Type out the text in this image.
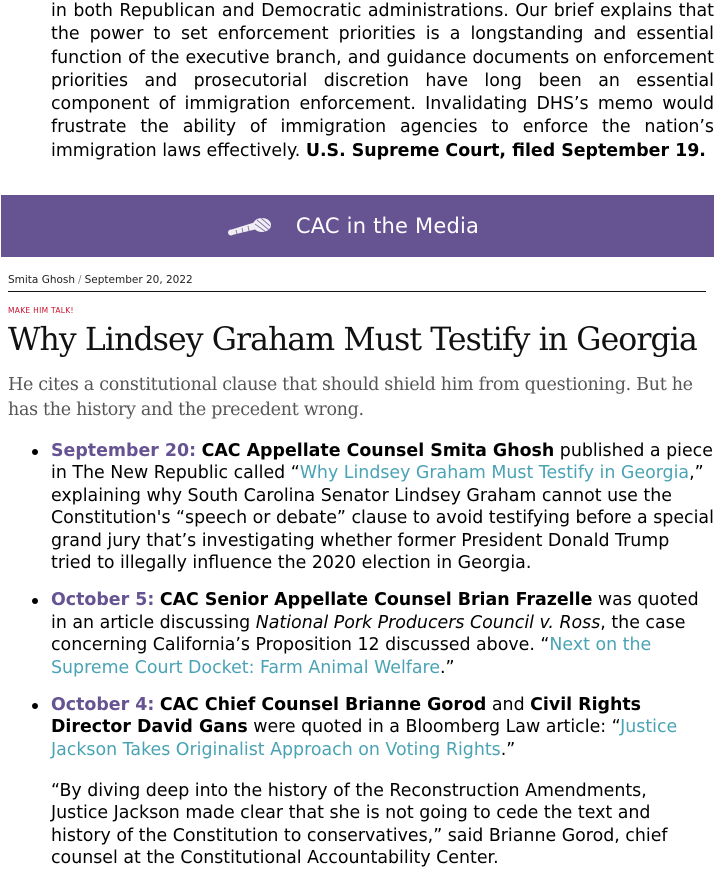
in both Republican and Democratic administrations. Our brief explains that the power to set enforcement priorities is a longstanding and essential function of the executive branch, and guidance documents on enforcement priorities and prosecutorial discretion have long been an essential component of immigration enforcement. Invalidating DHS’s memo would frustrate the ability of immigration agencies to enforce the nation’s immigration laws effectively. U.S. Supreme Court, filed September 19.
CAC in the Media
Smita Ghosh / September 20, 2022
MAKE HIM TALK!
Why Lindsey Graham Must Testify in Georgia
He cites a constitutional clause that should shield him from questioning. But he has the history and the precedent wrong.
September 20: CAC Appellate Counsel Smita Ghosh published a piece in The New Republic called “Why Lindsey Graham Must Testify in Georgia,” explaining why South Carolina Senator Lindsey Graham cannot use the Constitution's “speech or debate” clause to avoid testifying before a special grand jury that’s investigating whether former President Donald Trump tried to illegally influence the 2020 election in Georgia.
October 5: CAC Senior Appellate Counsel Brian Frazelle was quoted in an article discussing National Pork Producers Council v. Ross, the case concerning California’s Proposition 12 discussed above. “Next on the Supreme Court Docket: Farm Animal Welfare.”
October 4: CAC Chief Counsel Brianne Gorod and Civil Rights Director David Gans were quoted in a Bloomberg Law article: “Justice Jackson Takes Originalist Approach on Voting Rights.”
“By diving deep into the history of the Reconstruction Amendments, Justice Jackson made clear that she is not going to cede the text and history of the Constitution to conservatives,” said Brianne Gorod, chief counsel at the Constitutional Accountability Center.
